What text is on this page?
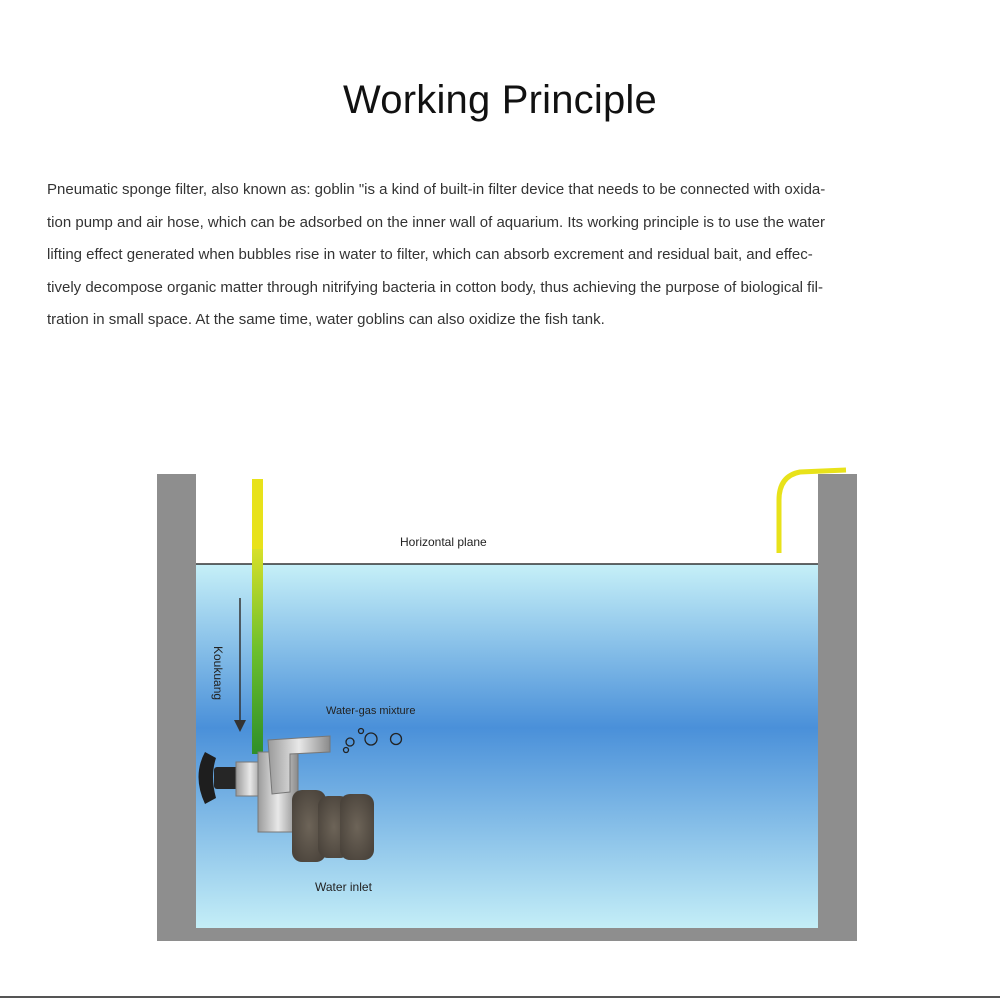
Working Principle
Pneumatic sponge filter, also known as: goblin "is a kind of built-in filter device that needs to be connected with oxida-
tion pump and air hose, which can be adsorbed on the inner wall of aquarium. Its working principle is to use the water
lifting effect generated when bubbles rise in water to filter, which can absorb excrement and residual bait, and effec-
tively decompose organic matter through nitrifying bacteria in cotton body, thus achieving the purpose of biological fil-
tration in small space. At the same time, water goblins can also oxidize the fish tank.
Koukuang
Horizontal plane
Water-gas mixture
Water inlet
